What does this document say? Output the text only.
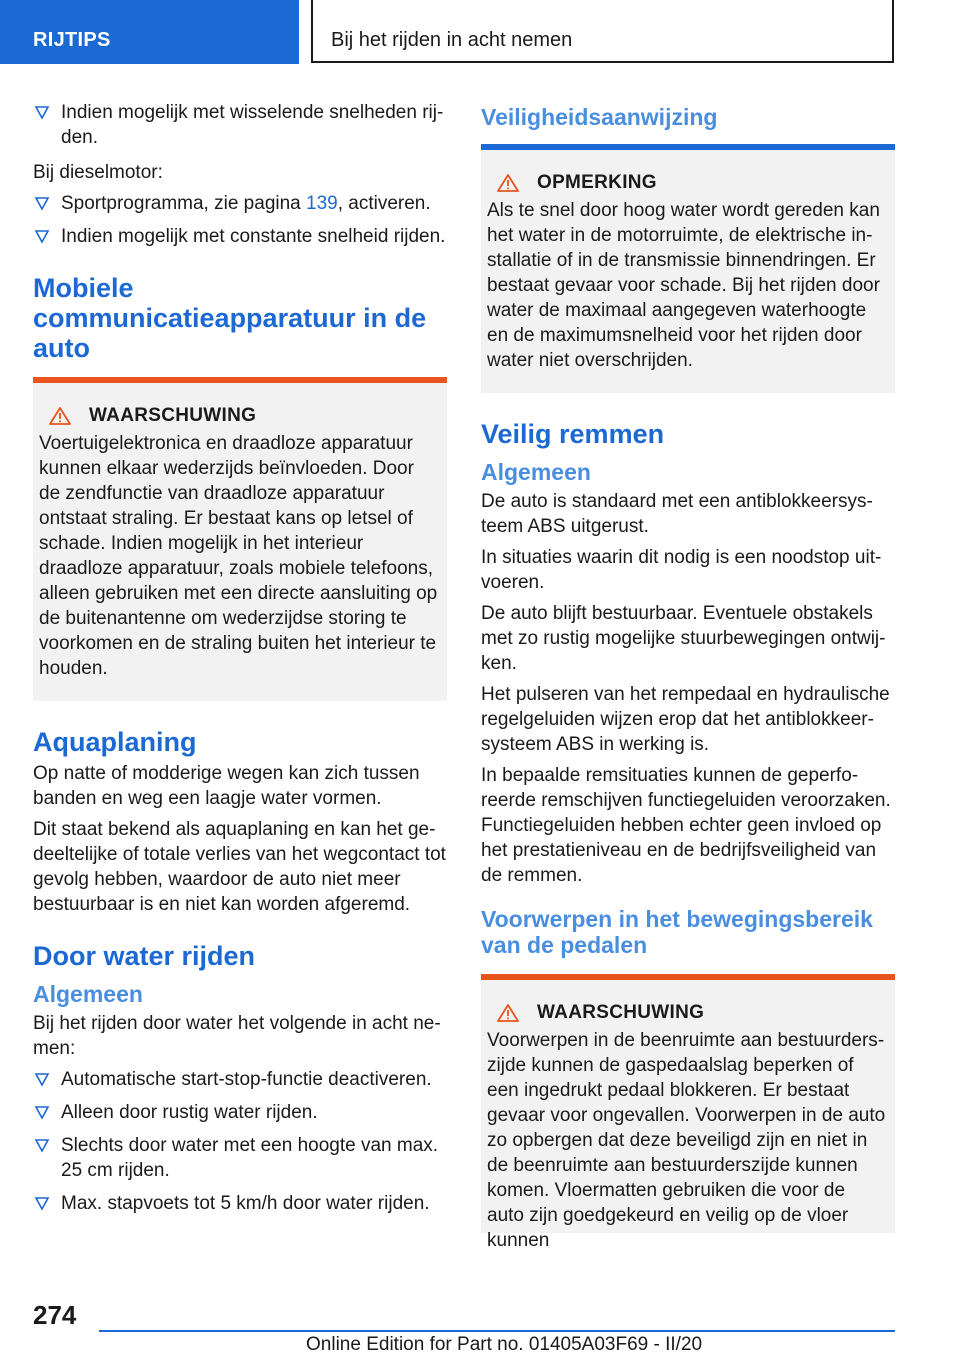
RIJTIPS	Bij het rijden in acht nemen
Indien mogelijk met wisselende snelheden rijden.

Bij dieselmotor:

Sportprogramma, zie pagina 139, activeren.
Indien mogelijk met constante snelheid rijden.
Mobiele communicatieapparatuur in de auto
WAARSCHUWING

Voertuigelektronica en draadloze apparatuur kunnen elkaar wederzijds beïnvloeden. Door de zendfunctie van draadloze apparatuur ontstaat straling. Er bestaat kans op letsel of schade. Indien mogelijk in het interieur draadloze apparatuur, zoals mobiele telefoons, alleen gebruiken met een directe aansluiting op de buitenantenne om wederzijdse storing te voorkomen en de straling buiten het interieur te houden.

Aquaplaning

Op natte of modderige wegen kan zich tussen banden en weg een laagje water vormen.

Dit staat bekend als aquaplaning en kan het gedeeltelijke of totale verlies van het wegcontact tot gevolg hebben, waardoor de auto niet meer bestuurbaar is en niet kan worden afgeremd.

Door water rijden
Algemeen

Bij het rijden door water het volgende in acht nemen:

Automatische start-stop-functie deactiveren.
Alleen door rustig water rijden.
Slechts door water met een hoogte van max. 25 cm rijden.
Max. stapvoets tot 5 km/h door water rijden.
Veiligheidsaanwijzing
OPMERKING

Als te snel door hoog water wordt gereden kan het water in de motorruimte, de elektrische installatie of in de transmissie binnendringen. Er bestaat gevaar voor schade. Bij het rijden door water de maximaal aangegeven waterhoogte en de maximumsnelheid voor het rijden door water niet overschrijden.

Veilig remmen
Algemeen

De auto is standaard met een antiblokkeersysteem ABS uitgerust.

In situaties waarin dit nodig is een noodstop uitvoeren.

De auto blijft bestuurbaar. Eventuele obstakels met zo rustig mogelijke stuurbewegingen ontwijken.

Het pulseren van het rempedaal en hydraulische regelgeluiden wijzen erop dat het antiblokkeersysteem ABS in werking is.

In bepaalde remsituaties kunnen de geperforeerde remschijven functiegeluiden veroorzaken. Functiegeluiden hebben echter geen invloed op het prestatieniveau en de bedrijfsveiligheid van de remmen.

Voorwerpen in het bewegingsbereik van de pedalen
WAARSCHUWING

Voorwerpen in de beenruimte aan bestuurderszijde kunnen de gaspedaalslag beperken of een ingedrukt pedaal blokkeren. Er bestaat gevaar voor ongevallen. Voorwerpen in de auto zo opbergen dat deze beveiligd zijn en niet in de beenruimte aan bestuurderszijde kunnen komen. Vloermatten gebruiken die voor de auto zijn goedgekeurd en veilig op de vloer kunnen

274
Online Edition for Part no. 01405A03F69 - II/20
